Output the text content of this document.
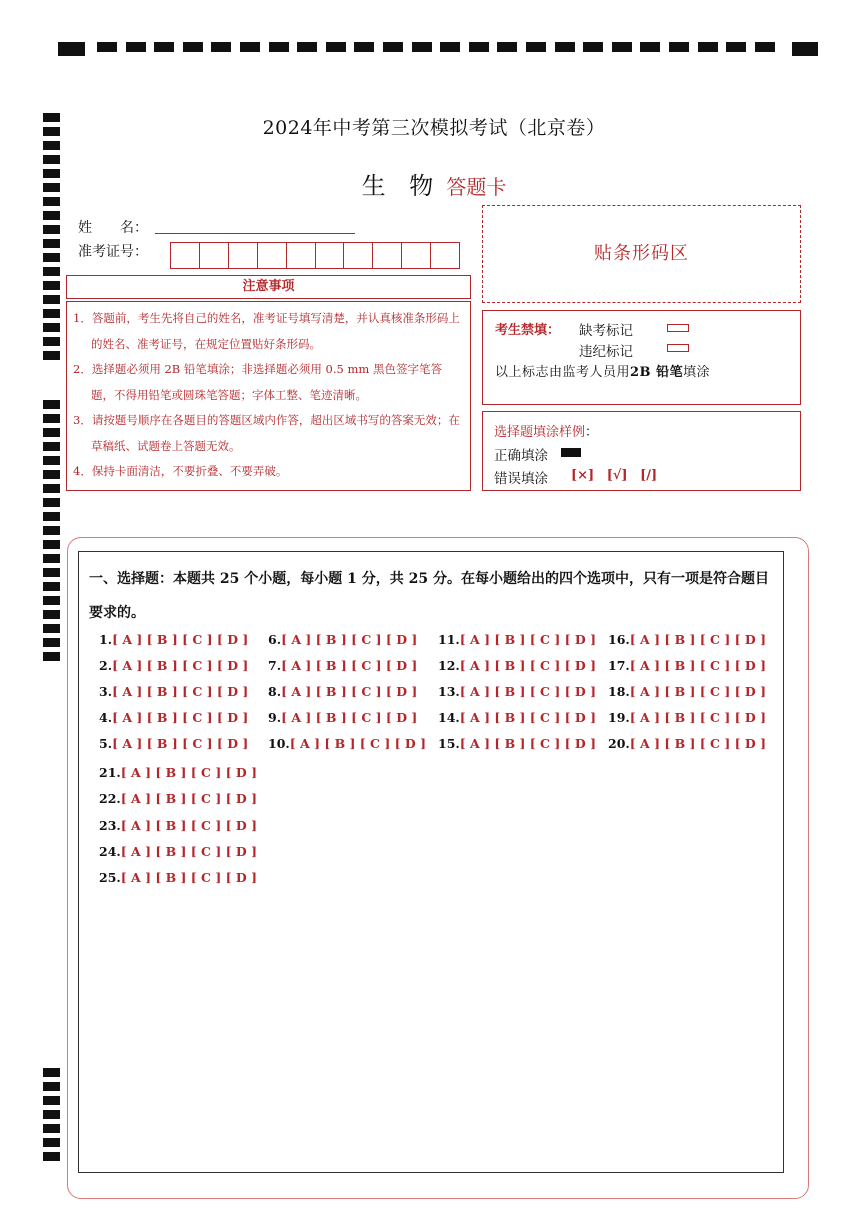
2024年中考第三次模拟考试（北京卷）
生 物 答题卡
姓　　名：
准考证号：
注意事项
1．答题前，考生先将自己的姓名，准考证号填写清楚，并认真核准条形码上的姓名、准考证号，在规定位置贴好条形码。
2．选择题必须用 2B 铅笔填涂；非选择题必须用 0.5 mm 黑色签字笔答题，不得用铅笔或圆珠笔答题；字体工整、笔迹清晰。
3．请按题号顺序在各题目的答题区域内作答，超出区域书写的答案无效；在草稿纸、试题卷上答题无效。
4．保持卡面清洁，不要折叠、不要弄破。
贴条形码区
考生禁填： 缺考标记
违纪标记
以上标志由监考人员用2B 铅笔填涂
选择题填涂样例：
正确填涂
错误填涂 [×] [√] [/]
一、选择题：本题共 25 个小题，每小题 1 分，共 25 分。在每小题给出的四个选项中，只有一项是符合题目要求的。
1.[ A ] [ B ] [ C ] [ D ]
2.[ A ] [ B ] [ C ] [ D ]
3.[ A ] [ B ] [ C ] [ D ]
4.[ A ] [ B ] [ C ] [ D ]
5.[ A ] [ B ] [ C ] [ D ]
6.[ A ] [ B ] [ C ] [ D ]
7.[ A ] [ B ] [ C ] [ D ]
8.[ A ] [ B ] [ C ] [ D ]
9.[ A ] [ B ] [ C ] [ D ]
10.[ A ] [ B ] [ C ] [ D ]
11.[ A ] [ B ] [ C ] [ D ]
12.[ A ] [ B ] [ C ] [ D ]
13.[ A ] [ B ] [ C ] [ D ]
14.[ A ] [ B ] [ C ] [ D ]
15.[ A ] [ B ] [ C ] [ D ]
16.[ A ] [ B ] [ C ] [ D ]
17.[ A ] [ B ] [ C ] [ D ]
18.[ A ] [ B ] [ C ] [ D ]
19.[ A ] [ B ] [ C ] [ D ]
20.[ A ] [ B ] [ C ] [ D ]
21.[ A ] [ B ] [ C ] [ D ]
22.[ A ] [ B ] [ C ] [ D ]
23.[ A ] [ B ] [ C ] [ D ]
24.[ A ] [ B ] [ C ] [ D ]
25.[ A ] [ B ] [ C ] [ D ]
